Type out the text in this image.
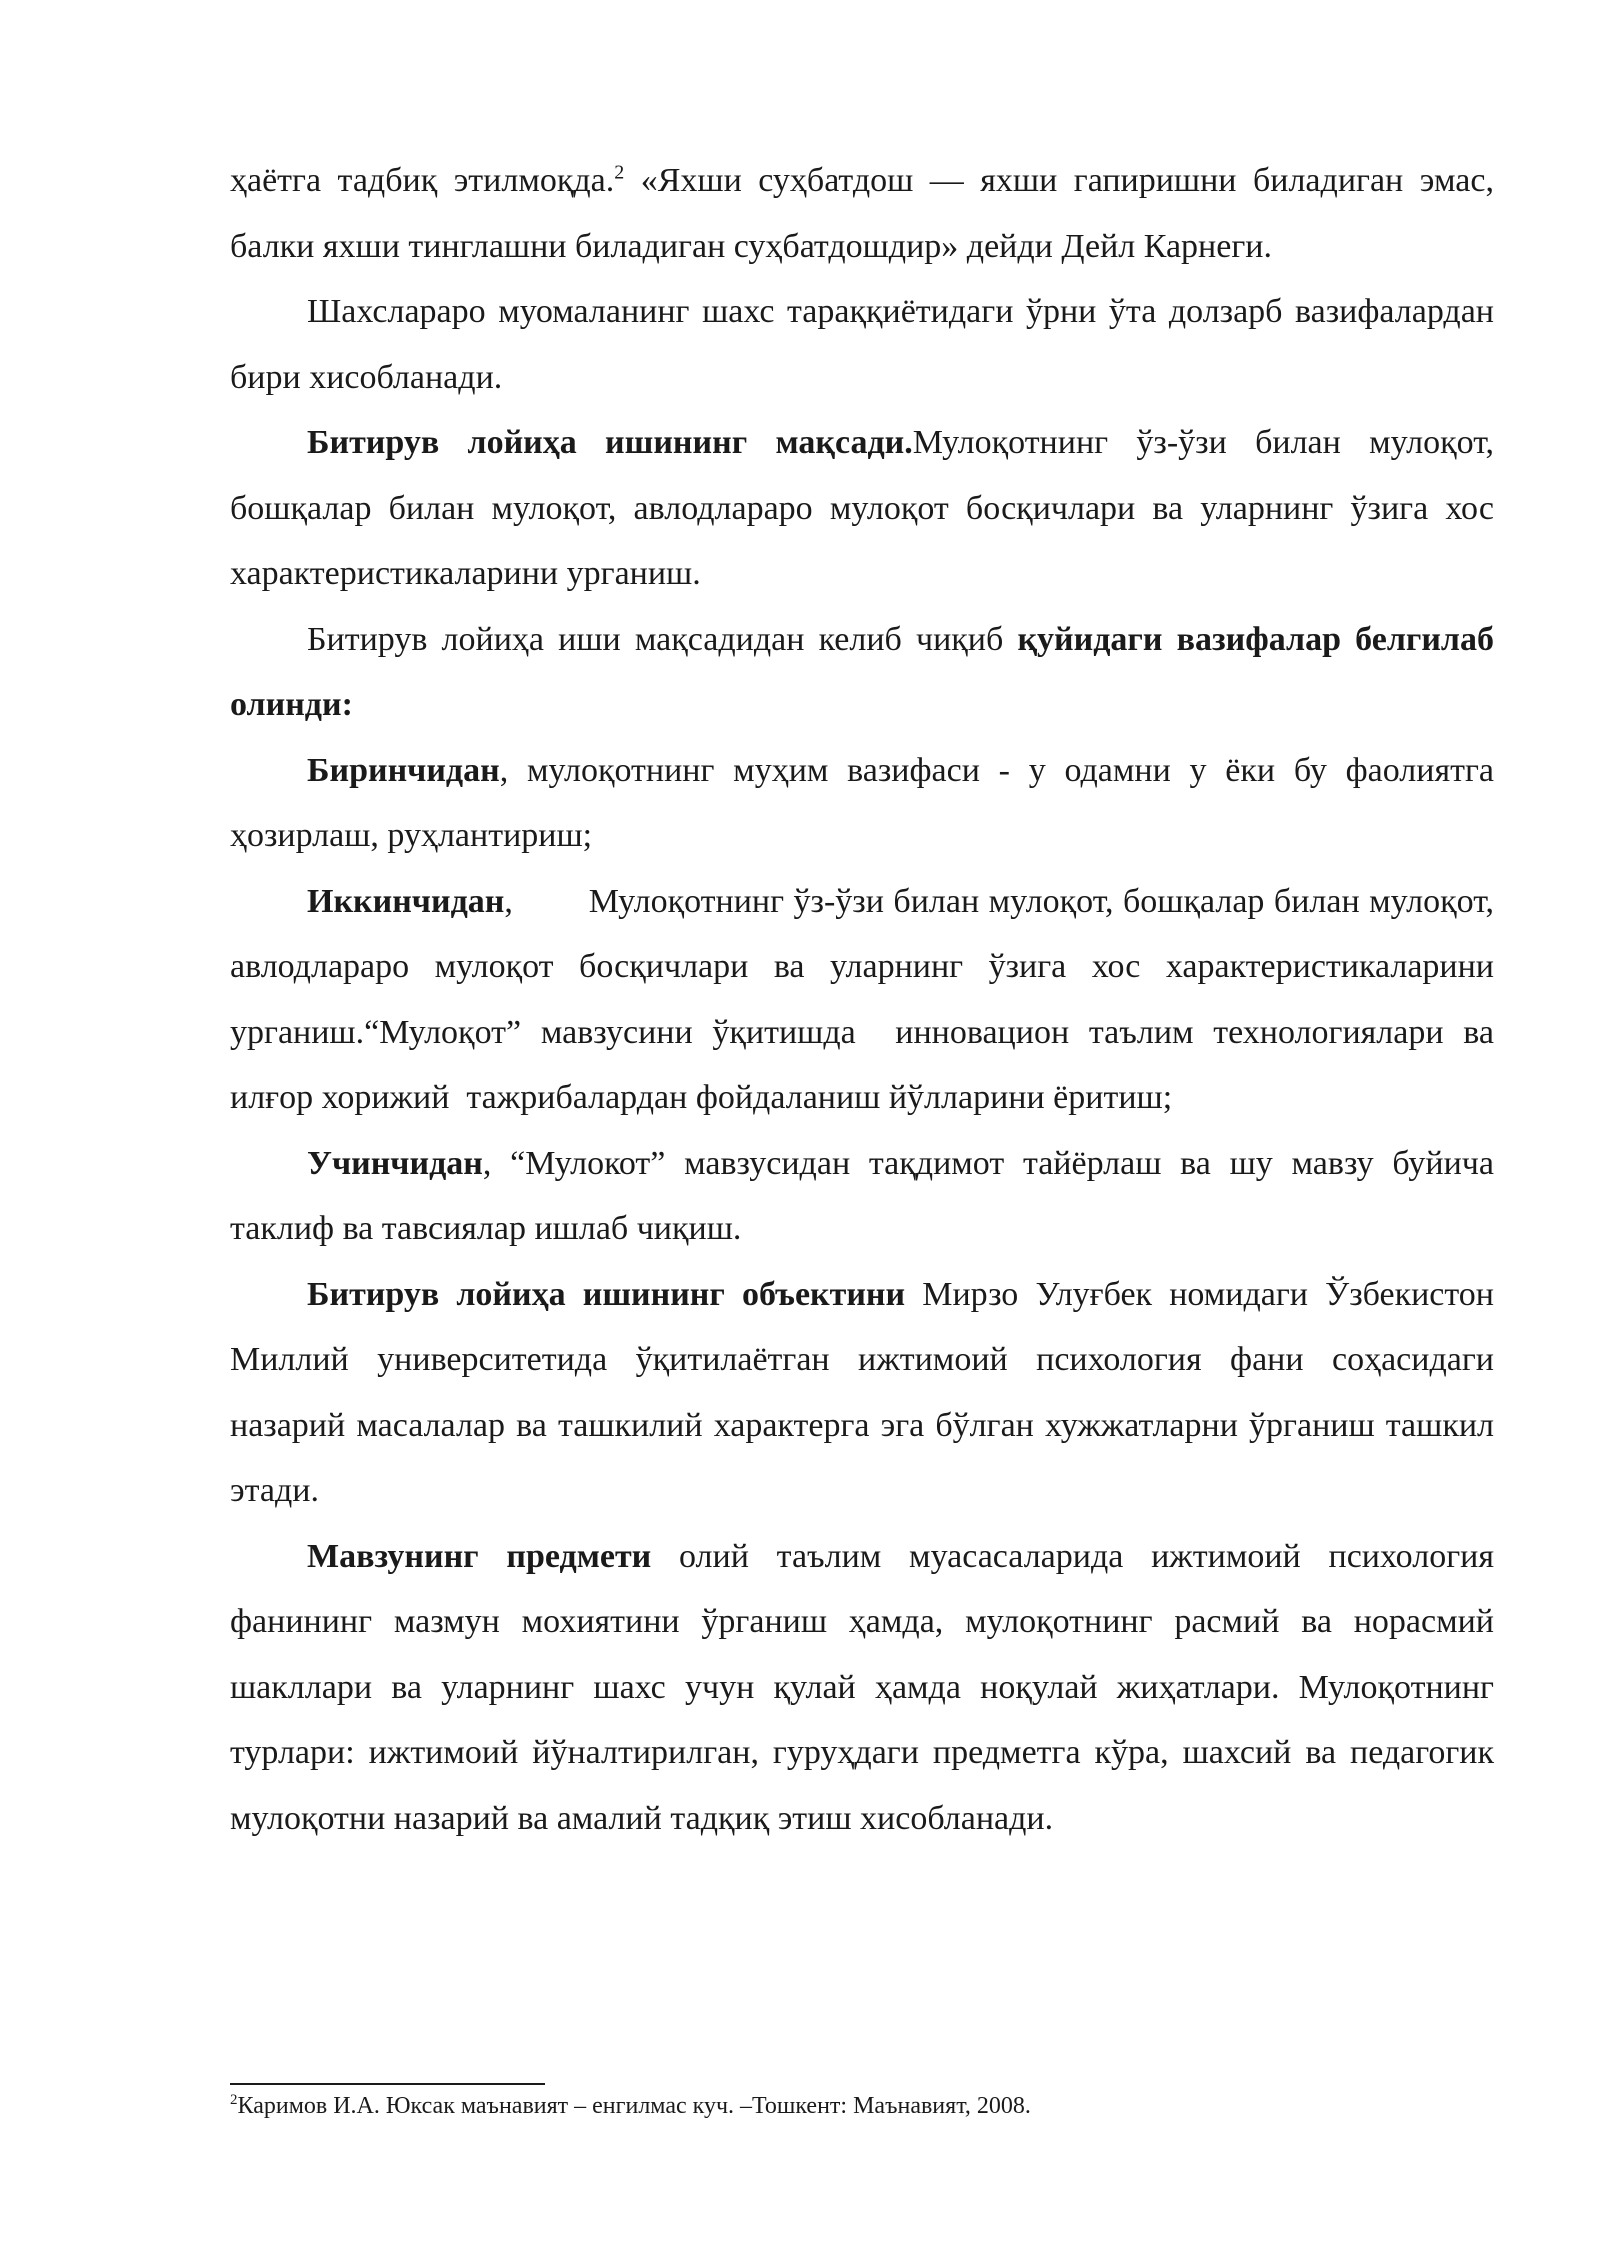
ҳаётга тадбиқ этилмоқда.$^2$ «Яхши суҳбатдош — яхши гапиришни биладиган эмас, балки яхши тинглашни биладиган суҳбатдошдир» дейди Дейл Карнеги.

Шахслараро муомаланинг шахс тараққиётидаги ўрни ўта долзарб вазифалардан бири хисобланади.

Битирув лойиҳа ишининг мақсади.Мулоқотнинг ўз-ўзи билан мулоқот, бошқалар билан мулоқот, авлодлараро мулоқот босқичлари ва уларнинг ўзига хос характеристикаларини урганиш.

Битирув лойиҳа иши мақсадидан келиб чиқиб қуйидаги вазифалар белгилаб олинди:

Биринчидан, мулоқотнинг муҳим вазифаси - у одамни у ёки бу фаолиятга ҳозирлаш, руҳлантириш;

Иккинчидан,        Мулоқотнинг ўз-ўзи билан мулоқот, бошқалар билан мулоқот, авлодлараро мулоқот босқичлари ва уларнинг ўзига хос характеристикаларини урганиш.“Мулоқот” мавзусини ўқитишда  инновацион таълим технологиялари ва илғор хорижий  тажрибалардан фойдаланиш йўлларини ёритиш;

Учинчидан, “Мулокот” мавзусидан тақдимот тайёрлаш ва шу мавзу буйича таклиф ва тавсиялар ишлаб чиқиш.

Битирув лойиҳа ишининг объектини Мирзо Улуғбек номидаги Ўзбекистон Миллий университетида ўқитилаётган ижтимоий психология фани соҳасидаги назарий масалалар ва ташкилий характерга эга бўлган хужжатларни ўрганиш ташкил этади.

Мавзунинг предмети олий таълим муасасаларида ижтимоий психология фанининг мазмун мохиятини ўрганиш ҳамда, мулоқотнинг расмий ва норасмий шакллари ва уларнинг шахс учун қулай ҳамда ноқулай жиҳатлари. Мулоқотнинг турлари: ижтимоий йўналтирилган, гуруҳдаги предметга кўра, шахсий ва педагогик мулоқотни назарий ва амалий тадқиқ этиш хисобланади.

$^2$Каримов И.А. Юксак маънавият – енгилмас куч. –Тошкент: Маънавият, 2008.
